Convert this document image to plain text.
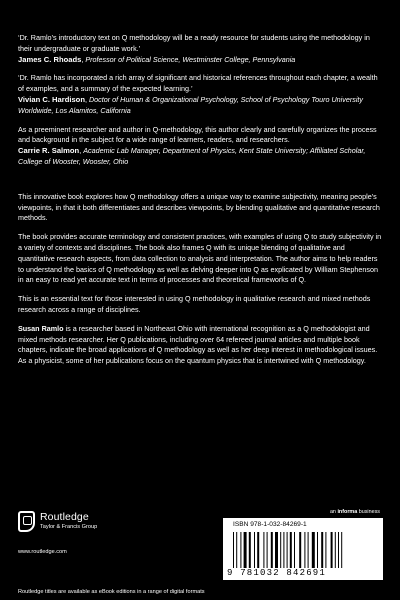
‘Dr. Ramlo’s introductory text on Q methodology will be a ready resource for students using the methodology in their undergraduate or graduate work.’
James C. Rhoads, Professor of Political Science, Westminster College, Pennsylvania
‘Dr. Ramlo has incorporated a rich array of significant and historical references throughout each chapter, a wealth of examples, and a summary of the expected learning.’
Vivian C. Hardison, Doctor of Human & Organizational Psychology, School of Psychology Touro University Worldwide, Los Alamitos, California
As a preeminent researcher and author in Q-methodology, this author clearly and carefully organizes the process and background in the subject for a wide range of learners, readers, and researchers.
Carrie R. Salmon, Academic Lab Manager, Department of Physics, Kent State University; Affiliated Scholar, College of Wooster, Wooster, Ohio

This innovative book explores how Q methodology offers a unique way to examine subjectivity, meaning people’s viewpoints, in that it both differentiates and describes viewpoints, by blending qualitative and quantitative research methods.

The book provides accurate terminology and consistent practices, with examples of using Q to study subjectivity in a variety of contexts and disciplines. The book also frames Q with its unique blending of qualitative and quantitative research aspects, from data collection to analysis and interpretation. The author aims to help readers to understand the basics of Q methodology as well as delving deeper into Q as explicated by William Stephenson in an easy to read yet accurate text in terms of processes and theoretical frameworks of Q.

This is an essential text for those interested in using Q methodology in qualitative research and mixed methods research across a range of disciplines.

Susan Ramlo is a researcher based in Northeast Ohio with international recognition as a Q methodologist and mixed methods researcher. Her Q publications, including over 64 refereed journal articles and multiple book chapters, indicate the broad applications of Q methodology as well as her deep interest in methodological issues. As a physicist, some of her publications focus on the quantum physics that is intertwined with Q methodology.

Routledge
Taylor & Francis Group
www.routledge.com
an informa business
ISBN 978-1-032-84269-1
9 781032 842691
Routledge titles are available as eBook editions in a range of digital formats
